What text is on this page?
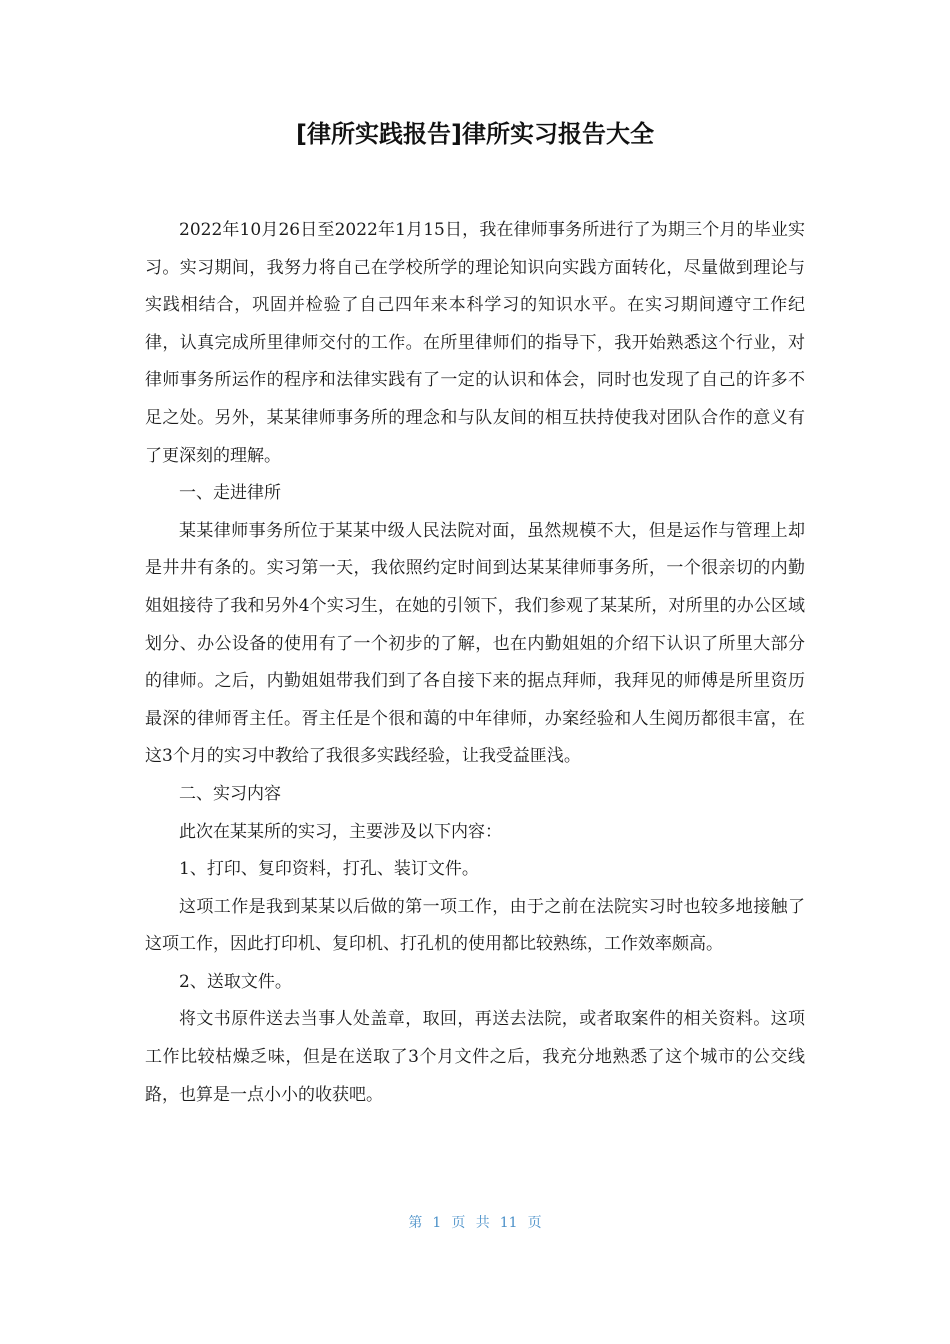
[律所实践报告]律所实习报告大全

2022年10月26日至2022年1月15日，我在律师事务所进行了为期三个月的毕业实习。实习期间，我努力将自己在学校所学的理论知识向实践方面转化，尽量做到理论与实践相结合，巩固并检验了自己四年来本科学习的知识水平。在实习期间遵守工作纪律，认真完成所里律师交付的工作。在所里律师们的指导下，我开始熟悉这个行业，对律师事务所运作的程序和法律实践有了一定的认识和体会，同时也发现了自己的许多不足之处。另外，某某律师事务所的理念和与队友间的相互扶持使我对团队合作的意义有了更深刻的理解。

一、走进律所

某某律师事务所位于某某中级人民法院对面，虽然规模不大，但是运作与管理上却是井井有条的。实习第一天，我依照约定时间到达某某律师事务所，一个很亲切的内勤姐姐接待了我和另外4个实习生，在她的引领下，我们参观了某某所，对所里的办公区域划分、办公设备的使用有了一个初步的了解，也在内勤姐姐的介绍下认识了所里大部分的律师。之后，内勤姐姐带我们到了各自接下来的据点拜师，我拜见的师傅是所里资历最深的律师胥主任。胥主任是个很和蔼的中年律师，办案经验和人生阅历都很丰富，在这3个月的实习中教给了我很多实践经验，让我受益匪浅。

二、实习内容

此次在某某所的实习，主要涉及以下内容：

1、打印、复印资料，打孔、装订文件。

这项工作是我到某某以后做的第一项工作，由于之前在法院实习时也较多地接触了这项工作，因此打印机、复印机、打孔机的使用都比较熟练，工作效率颇高。

2、送取文件。

将文书原件送去当事人处盖章，取回，再送去法院，或者取案件的相关资料。这项工作比较枯燥乏味，但是在送取了3个月文件之后，我充分地熟悉了这个城市的公交线路，也算是一点小小的收获吧。

第 1 页 共 11 页
